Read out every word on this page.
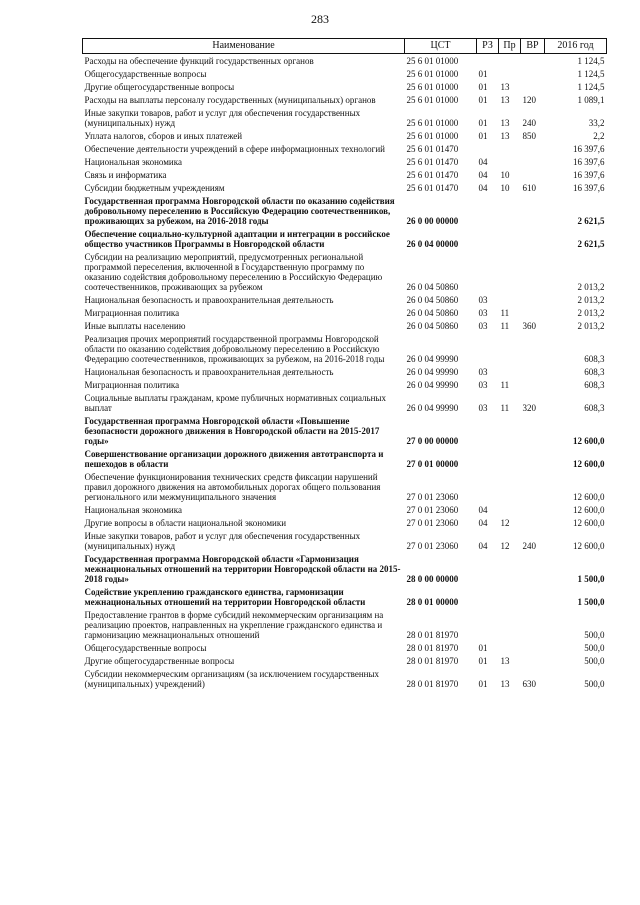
283
Наименование	ЦСТ	РЗ	Пр	ВР	2016 год
Расходы на обеспечение функций государственных органов	25 6 01 01000				1 124,5
Общегосударственные вопросы	25 6 01 01000	01			1 124,5
Другие общегосударственные вопросы	25 6 01 01000	01	13		1 124,5
Расходы на выплаты персоналу государственных (муниципальных) органов	25 6 01 01000	01	13	120	1 089,1
Иные закупки товаров, работ и услуг для обеспечения государственных (муниципальных) нужд	25 6 01 01000	01	13	240	33,2
Уплата налогов, сборов и иных платежей	25 6 01 01000	01	13	850	2,2
Обеспечение деятельности учреждений в сфере информационных технологий	25 6 01 01470				16 397,6
Национальная экономика	25 6 01 01470	04			16 397,6
Связь и информатика	25 6 01 01470	04	10		16 397,6
Субсидии бюджетным учреждениям	25 6 01 01470	04	10	610	16 397,6
Государственная программа Новгородской области по оказанию содействия добровольному переселению в Российскую Федерацию соотечественников, проживающих за рубежом, на 2016-2018 годы	26 0 00 00000				2 621,5
Обеспечение социально-культурной адаптации и интеграции в российское общество участников Программы в Новгородской области	26 0 04 00000				2 621,5
Субсидии на реализацию мероприятий, предусмотренных региональной программой переселения, включенной в Государственную программу по оказанию содействия добровольному переселению в Российскую Федерацию соотечественников, проживающих за рубежом	26 0 04 50860				2 013,2
Национальная безопасность и правоохранительная деятельность	26 0 04 50860	03			2 013,2
Миграционная политика	26 0 04 50860	03	11		2 013,2
Иные выплаты населению	26 0 04 50860	03	11	360	2 013,2
Реализация прочих мероприятий государственной программы Новгородской области по оказанию содействия добровольному переселению в Российскую Федерацию соотечественников, проживающих за рубежом, на 2016-2018 годы	26 0 04 99990				608,3
Национальная безопасность и правоохранительная деятельность	26 0 04 99990	03			608,3
Миграционная политика	26 0 04 99990	03	11		608,3
Социальные выплаты гражданам, кроме публичных нормативных социальных выплат	26 0 04 99990	03	11	320	608,3
Государственная программа Новгородской области «Повышение безопасности дорожного движения в Новгородской области на 2015-2017 годы»	27 0 00 00000				12 600,0
Совершенствование организации дорожного движения автотранспорта и пешеходов в области	27 0 01 00000				12 600,0
Обеспечение функционирования технических средств фиксации нарушений правил дорожного движения на автомобильных дорогах общего пользования регионального или межмуниципального значения	27 0 01 23060				12 600,0
Национальная экономика	27 0 01 23060	04			12 600,0
Другие вопросы в области национальной экономики	27 0 01 23060	04	12		12 600,0
Иные закупки товаров, работ и услуг для обеспечения государственных (муниципальных) нужд	27 0 01 23060	04	12	240	12 600,0
Государственная программа Новгородской области «Гармонизация межнациональных отношений на территории Новгородской области на 2015-2018 годы»	28 0 00 00000				1 500,0
Содействие укреплению гражданского единства, гармонизации межнациональных отношений на территории Новгородской области	28 0 01 00000				1 500,0
Предоставление грантов в форме субсидий некоммерческим организациям на реализацию проектов, направленных на укрепление гражданского единства и гармонизацию межнациональных отношений	28 0 01 81970				500,0
Общегосударственные вопросы	28 0 01 81970	01			500,0
Другие общегосударственные вопросы	28 0 01 81970	01	13		500,0
Субсидии некоммерческим организациям (за исключением государственных (муниципальных) учреждений)	28 0 01 81970	01	13	630	500,0
